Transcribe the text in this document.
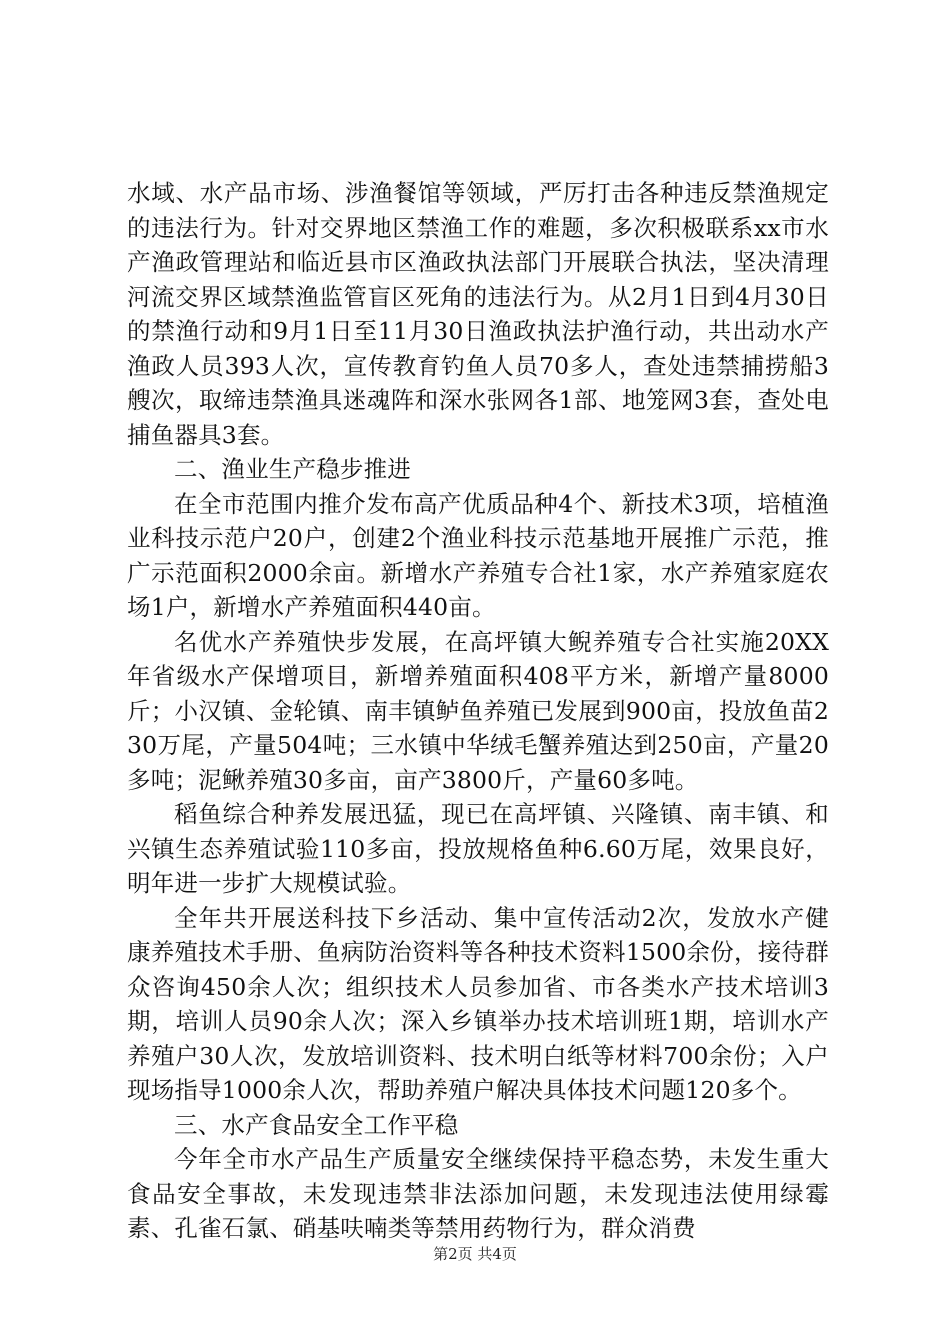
水域、水产品市场、涉渔餐馆等领域，严厉打击各种违反禁渔规定的违法行为。针对交界地区禁渔工作的难题，多次积极联系xx市水产渔政管理站和临近县市区渔政执法部门开展联合执法，坚决清理河流交界区域禁渔监管盲区死角的违法行为。从2月1日到4月30日的禁渔行动和9月1日至11月30日渔政执法护渔行动，共出动水产渔政人员393人次，宣传教育钓鱼人员70多人，查处违禁捕捞船3艘次，取缔违禁渔具迷魂阵和深水张网各1部、地笼网3套，查处电捕鱼器具3套。

二、渔业生产稳步推进

在全市范围内推介发布高产优质品种4个、新技术3项，培植渔业科技示范户20户，创建2个渔业科技示范基地开展推广示范，推广示范面积2000余亩。新增水产养殖专合社1家，水产养殖家庭农场1户，新增水产养殖面积440亩。

名优水产养殖快步发展，在高坪镇大鲵养殖专合社实施20XX年省级水产保增项目，新增养殖面积408平方米，新增产量8000斤；小汉镇、金轮镇、南丰镇鲈鱼养殖已发展到900亩，投放鱼苗230万尾，产量504吨；三水镇中华绒毛蟹养殖达到250亩，产量20多吨；泥鳅养殖30多亩，亩产3800斤，产量60多吨。

稻鱼综合种养发展迅猛，现已在高坪镇、兴隆镇、南丰镇、和兴镇生态养殖试验110多亩，投放规格鱼种6.60万尾，效果良好，明年进一步扩大规模试验。

全年共开展送科技下乡活动、集中宣传活动2次，发放水产健康养殖技术手册、鱼病防治资料等各种技术资料1500余份，接待群众咨询450余人次；组织技术人员参加省、市各类水产技术培训3期，培训人员90余人次；深入乡镇举办技术培训班1期，培训水产养殖户30人次，发放培训资料、技术明白纸等材料700余份；入户现场指导1000余人次，帮助养殖户解决具体技术问题120多个。

三、水产食品安全工作平稳

今年全市水产品生产质量安全继续保持平稳态势，未发生重大食品安全事故，未发现违禁非法添加问题，未发现违法使用绿霉素、孔雀石氯、硝基呋喃类等禁用药物行为，群众消费

第2页 共4页
